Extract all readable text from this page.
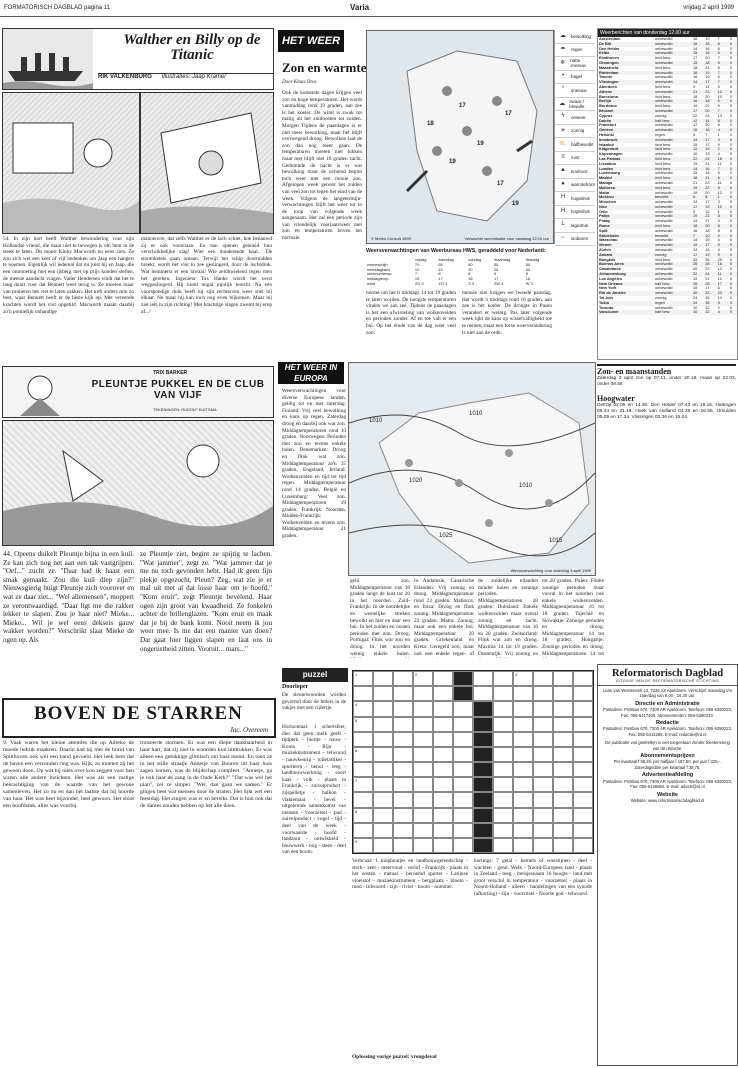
FORMATORISCH DAGBLAD pagina 11	Varia	vrijdag 2 april 1999
Walther en Billy op de Titanic
RIK VALKENBURG Illustraties: Jaap Kramer
54. In zijn hart heeft Walther bewondering voor zijn Hollandse vriend, die maar niet te bewegen is om hem in de steek te laten. Dit moest Kinny Macworth nu eens zien. Ze zou zich wel een keer of vijf bedenken om Jaap een hangert te noemen. Eigenlijk wil iedereal dat nu juist bij en Jaap, die een ontmoeting met een ijsberg met op prijs konden stellen, de meeste aandacht vragen. Vader Hendersen vindt dat het te lang duurt voor dat Bennett weer terug is. Ze moeten maar van proberen het viet te laten zakken. Het trefi anders min zo best, waar Bennett heeft er de besie kijk op. Met vereende krachten wordt het vlot opgetild. Macworth maakt daarbij zo'n pontiefijk onhandige
manoeuvre, dat zelfs Walther er de lach schiet, hoe benauwd zij er ook voorstaan. En dan openen geboeid hun verschrikkelijke slag! Wier een donderende knal... De stoomketels gaan ontaan. Terwijl het schip doormidden breekt, wordt het vlot in zee geslingerd, door de luchtdruk. Wat hemmerst er een lawaai! Wie zeldhwielend tegen men het gereken. Ingenieur Tox Hanke wordt het verst weggeslingerd. Hij komt nogal pijnlijk terecht. Na een voorspoedige duik heeft hij zijn rechterven weer snel bij elkaar. Ne maar hij kan toch nog even bijkomen. Maar hij ziet iets in zijn richting! Met krachtige slagen zwemt hij erop af...!
TRIX BARKER
PLEUNTJE PUKKEL EN DE CLUB VAN VIJF
TEKENINGEN: RUDOLF KUITSMA
44. Opeens duikelt Pleuntje bijna in een kuil. Ze kan zich nog net aan een tak vastgrijpen. "Oef..." zucht ze. "Daar had ik haast een smak gemaakt. Zou die kuil diep zijn?" Nieuwsgierig buigt Pleuntje zich voorover en wat ze daar ziet... "Wel allemensen", moppert ze verontwaardigd. "Daar ligt me die rakker lekker te slapen. Zou je haar niet? Mieke... Mieke... Wil je wel eens dekseis gauw wakker worden?" Verschrikt slaat Mieke de ogen op. Als
ze Pleuntje ziet, begint ze spijtig te lachen. "Wat jammer", zegt ze. "Wat jammer dat je me nu toch gevonden hebt. Had ik geen fijn plekje opgezocht, Pleun? Zeg, wat zie je er mal uit met al dat losse haar om je hoofd." "Kom eruit", zegt Pleuntje bevelend. Haar ogen zijn groot van kwaadheid. Ze fonkelen achter de brillenglazen. "Kom eruit en maak dat je bij de bank komt. Nooit neem ik jou weer mee. Is me dat een manier van doen? Dat gaat hier liggen slapen en laat ons in ongerustheid zitten. Vooruit... mars..."
BOVEN DE STARREN
Jac. Overeem
9. Vaak waren het kleine attenties die op Adreko de moede indruk maakten. Daarin had hij met de bruid van Spitthoven ook wel een band gevoeld. Het leek hem dat de haven een verzonden ring was. Kijk, zo moeten zij het gewoon doen. Op wat hij niets over kon zeggen voor hen waren alle andere inzichten. Het was als een rustige bekrachtiging van de waarde van het gewone samenleven. Het zo nu en dan het laatste dat hij hoorde van haar. Het was heel bijzonder, heel gewoon. Het sloot een hoofdstuk, alles was voorbij.
trotseerde stormen. Er was een diepe dankbaarheid in haar hart, dat zij niet in woorden kon uitdrukken. Er was alleen een gelukkige glimlach om haar mond. En toen ze in het stille straatje Annetje van Buuren uit haar huis zagen komen, was de blijdschap compleet. "Annetje, ga je ook naar de zang in de Oude Kerk?" "Dat was wel het plan", zei ze simpel. "Wel, dan gaan we samen." Er gingen heel wat mensen door de straten. Het lijkt wel een feestdag. Het zingen was er en bereikt. Dat is hun ook dat de dames zouden hebben op het alle doen.
HET WEER
Zon en warmte
Door Klaas Dros
Ook de komende dagen krijgen veel zon en hoge temperaturen. Het wordt vanmiddag rond 19 graden, aan zee is het koeler. De wind is zwak tot matig uit het zuidoosten tot zuiden. Morgen Tijdens de paasdagen is er niet meer bewolking, maar het blijft overwegend droog. Bewolken laat de zon dan nog meer gaan. De temperaturen moeten niet lukken maar met blijft met 16 graden zacht. Gedurende de nacht is er wat bewolking maar de ochtend begint toch weer met een mooie zon. Afgelopen week genoot het zuiden van veel zon tot tegen het eind van de week. Volgens de langetermijn-verwachtingen blijft het weer tot in de loop van volgende week aangenaam. Het zal een periode zijn van vriendelijk voorjaarsweer met zon en temperaturen boven het normale.
17
17
19
17
19
18
19
© Meteo Consult 1999	Verwachte weersituatie voor vandaag 12.00 uur
Weersverwachtingen van Weerbureau HWS, geraddeld voor Nederland:
	vrijdag	zaterdag	zondag	maandag	dinsdag
zonneschijn	70	65	60	55	50
neerslagkans	10	15	20	25	30
minimumtemp.	7	8	8	9	8
middagtemp.	19	17	16	17	16
wind	ZO 3	ZO 3	Z 3	ZW 3	W 3
norme om het ti middags 14 tot 19 graden te laten worden. De hoogste temperaturen vinden we aan zee. Tijdens de paasdagen is het een afwisseling van wolkenvelden en perioden zonder. Af en toe valt er een bui. Op het einde van de dag weer veel zon.
mensie niet krijgen we tweede paasdag. Het wordt 's middags rond 16 graden, aan zee is het koeler. De droogte in Pasen verandert er weinig. Pas later volgende week lijkt de kans op wisselvalligheid toe te nemen, maar een forse weerverandering is niet aan de orde.
☁	bewolking
☂	regen
❄	natte sneeuw
•	hagel
*	sneeuw
☁ zwaar-/ bewolkt
ϟ	onweer
☀	zonnig
⛅ halfbewolkt
≡	mist
▲	koufront
●	warmtefront
H	hogedruk
H	hogedruk
L	lagedruk
~	isobaren
Weerberichten van donderdag 12.00 uur
Amsterdam	onbewolkt	16	19	7	0
De Bilt	onbewolkt	16	18	6	0
Den Helder	onbewolkt	14	16	6	0
Eelde	onbewolkt	15	18	5	0
Eindhoven	licht bew.	17	20	7	0
Groningen	onbewolkt	15	18	5	0
Maastricht	licht bew.	18	21	8	0
Rotterdam	onbewolkt	16	19	7	0
Twente	onbewolkt	16	19	6	0
Vlissingen	onbewolkt	14	17	7	0
Aberdeen	licht bew.	9	11	5	0
Athene	onbewolkt	21	23	12	0
Barcelona	licht bew.	18	20	10	0
Berlijn	onbewolkt	16	18	6	0
Bordeaux	licht bew.	19	22	9	0
Brussel	onbewolkt	17	20	7	0
Cyprus	zonnig	22	24	13	0
Dublin	half bew.	12	14	6	0
Frankfurt	onbewolkt	17	20	6	0
Genève	onbewolkt	15	18	4	0
Helsinki	regen	5	7	1	2
Innsbruck	onbewolkt	14	17	3	0
Istanbul	licht bew.	15	17	9	0
Klagenfurt	licht bew.	12	15	2	0
Kopenhagen	onbewolkt	10	13	4	0
Las Palmas	licht bew.	22	24	16	0
Lissabon	licht bew.	19	21	11	0
Londen	licht bew.	14	16	7	0
Luxemburg	onbewolkt	15	18	5	0
Madrid	licht bew.	18	21	6	0
Malaga	onbewolkt	21	23	11	0
Mallorca	licht bew.	19	22	9	0
Malta	onbewolkt	18	20	12	0
Moskou	bewolkt	6	8	1	0
München	onbewolkt	14	17	3	0
Nice	onbewolkt	17	19	10	0
Oslo	onbewolkt	9	12	1	0
Parijs	onbewolkt	19	21	8	0
Praag	onbewolkt	13	17	3	0
Rome	licht bew.	18	20	8	0
Split	onbewolkt	16	18	8	0
Stockholm	bewolkt	7	10	2	0
Warschau	onbewolkt	14	16	4	0
Wenen	onbewolkt	15	17	5	0
Zürich	onbewolkt	14	16	4	0
Ankara	zonnig	17	19	5	0
Bangkok	licht bew.	33	35	25	0
Buenos Aires	onbewolkt	26	28	16	0
Casablanca	onbewolkt	20	22	12	0
Johannesburg	onbewolkt	22	24	11	0
Los Angeles	onbewolkt	19	21	12	0
New Orleans	half bew.	26	28	17	0
New York	onbewolkt	15	17	6	0
Rio de Janeiro	onbewolkt	30	32	23	0
Tel Aviv	zonnig	24	26	14	0
Tokio	regen	14	16	9	3
Toronto	onbewolkt	10	12	2	0
Vancouver	half bew.	10	12	4	0
Zon- en maanstanden
Zaterdag 3 april zon op 07.11, onder 20.19, maan op 22.03, onder 08.56
Hoogwater
Delfzijl 02.05 en 14.30. Den Helder 07.43 en 19.15. Harlingen 09.44 en 21.16. Hoek van Holland 04.28 en 16.56. IJmuiden 05.09 en 17.34. Vlissingen 03.36 en 16.04.
HET WEER IN EUROPA
1010
1010
1020
1010
1025
1015
Weersverwachting voor zaterdag 3 april 1999
Weersverwachtingen voor diverse Europese landen, geldig tot en met zaterdag: Finland: Vrij veel bewolking en kans op regen. Zaterdag droog en daarbij ook wat zon. Middagtemperaturen rond 10 graden. Noorwegen: Perioden met zon en tevens enkele buien. Denemarken: Droog en flink wat zon. Middagtemperatuur zo'n 15 graden. Engeland, Ierland: Wolkenvelden en tijd tot tijd regen. Middagtemperatuur rond 14 graden. België en Luxemburg: Veel zon. Middagtemperaturen 19 graden. Frankrijk: Noorden, Midden-Frankrijk: Wolkenvelden en tevens zon. Middagtemperatuur 21 graden.
geld zon. Middagtemperatuur van 16 graden lange de kust tot 20 in het noorden. Zuid-Frankrijk: In de noordelijke en westelijke streken bewolkt en hier en daar een bui. In het zuiden en oosten perioden met zon. Droog. Portugal: Flink wat zon en droog. In het noorden weinig enkele buien.
in Andalusië, Canarische Eilanden: Vrij zonnig en droog. Middagtemperatuur rond 23 graden. Mallorca, en Ibiza: Droog en flink zonnig. Middagtemperatuur 22 graden. Malta: Zonnig, maar ook een enkele bui. Middagtemperatuur 20 graden. Griekenland en Kreta: Geregeld zon, maar ook een enkele regen- of
de zuidelijke eilanden minder buien en zonnige perioden. Middagtemperaturen 20 graden. Duitsland: Enkele wolkenvelden maar overal zonnig en zacht. Middagtemperatuur van 16 en 20 graden. Zwitserland: Flink wat zon en droog. Maxima 14 tot 19 graden. Oostenrijk: Vrij zonnig en
tot 20 graden. Polen: Flinke zonnige perioden maar vooral in het noorden ook enkele wolkenvelden. Middagtemperatuur 16 tot 18 graden. Tsjechië en Slowakije: Zonnige perioden en droog. Middagtemperatuur 14 tot 18 graden. Hongarije: Zonnige perioden en droog. Middagtemperaturen 14 tot
puzzel
Doorloper
De sleutelwoorden worden gevormd door de letters in de vakjes met een cijfertje.
Horizontaal: 1 schertsfeer, dier dat geen melk geeft - tijdperk - biertje - nauw - Korea - Rijn - muziekinstrument - telwoord - nauwkeurig - toiletartikel - sportterm - benul - leeg - landbouwwerktuig - soort kaas - volk - plaats in Frankrijk - zuivelproduct - zijspelletje - balkon - vlaktemaat - bevel - uitgebreide samenkomst van mensen - voorzetsel - pad - zuivelproduct - vogel - tijd - deel van de week - voorwaarde - hoofd - landzout - ontwikkeld - bouwwerk - nog - steen - deel van een boom.
1	2	3
4
5
6
7
8
9
Verticaal: 1 klopboutjes en landbouwgereedschap - sterk - zeer - meervoud - verlof - Frankrijk - plaats in het oosten - metaal - beroemd sporter - Latijnse vloeistof - muziekinstrument - bergplaats - bloem - rund - lidwoord - zijn - rivier - boom - nummer.
kortings: 7 getal - hemels of woestijnen - deel - wachten - getal. Welk - Noord-Europees land - plaats in Zeeland - reeg - meisjesnaam 10 hoogte - land met groot verschil in temperatuur - voorzetsel - plaats in Noord-Holland - alleen - handelingen van een synode (afkorting) - zijn - voorzitsel - Noorse god - telwoord.
Oplossing vorige puzzel: vreugdevol
Reformatorisch Dagblad
UITGAVE VAN DE REFORMATORISCHE STICHTING
Laan van Westenenk 13, 7336 AZ Apeldoorn. Verschijnt maandag t/m zaterdag van 8.00 - 16.30 uur.
Directie en Administratie
Postadres: Postbus 670, 7300 AR Apeldoorn. Telefoon: 055-5390222, Fax: 055-5417400. Abonnementen: 055-5390333.
Redactie
Postadres: Postbus 670, 7300 AR Apeldoorn. Telefoon: 055-5390222, Fax: 055-5412288. E-mail: redactie@rd.nl
De publicatie van gedeelten is niet toegestaan zonder toestemming van de redactie.
Abonnementsprijzen
Per kwartaal f 86,25, per halfjaar f 167,50, per jaar f 325,-. Zaterdageditie per kwartaal f 38,75.
Advertentieafdeling
Postadres: Postbus 670, 7300 AR Apeldoorn. Telefoon: 055-5390222, Fax: 055-5426882. E-mail: advert@rd.nl
Website
Website: www.reformatorischdagblad.nl
